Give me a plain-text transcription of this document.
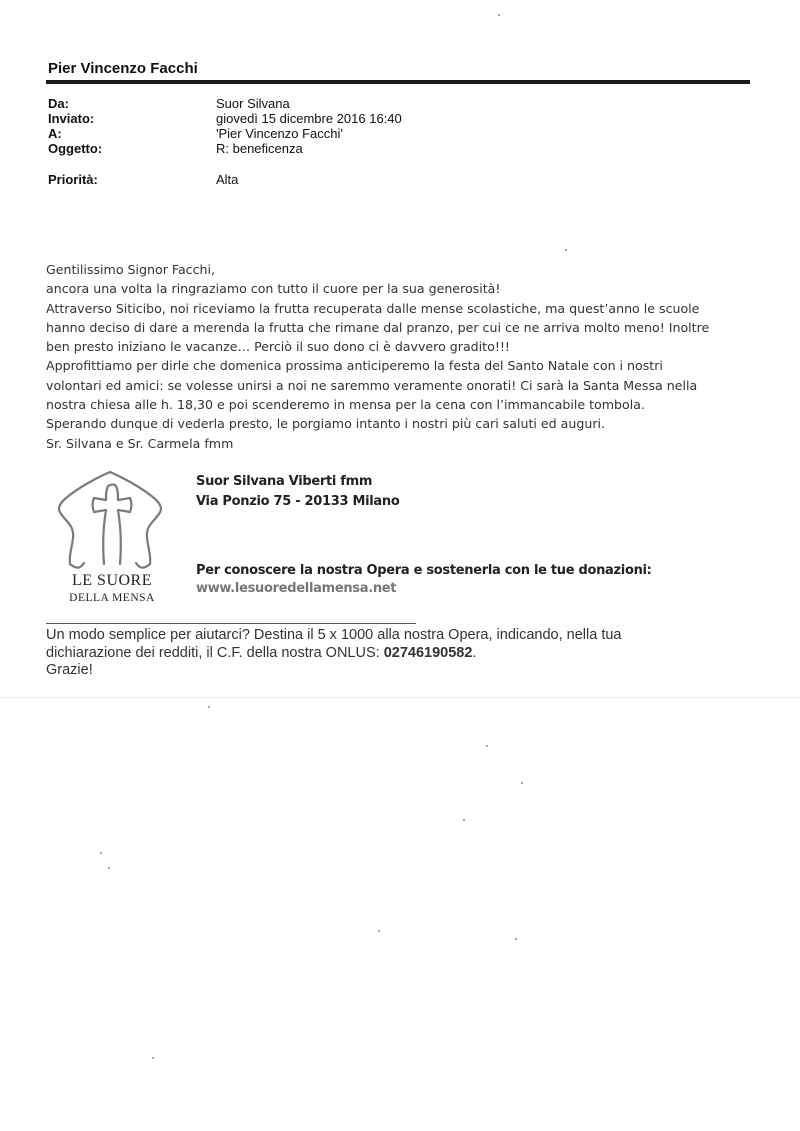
Pier Vincenzo Facchi
Da:	Suor Silvana
Inviato:	giovedì 15 dicembre 2016 16:40
A:	'Pier Vincenzo Facchi'
Oggetto:	R: beneficenza
Priorità:	Alta

Gentilissimo Signor Facchi,

ancora una volta la ringraziamo con tutto il cuore per la sua generosità!

Attraverso Siticibo, noi riceviamo la frutta recuperata dalle mense scolastiche, ma quest’anno le scuole

hanno deciso di dare a merenda la frutta che rimane dal pranzo, per cui ce ne arriva molto meno! Inoltre

ben presto iniziano le vacanze… Perciò il suo dono ci è davvero gradito!!!

Approfittiamo per dirle che domenica prossima anticiperemo la festa del Santo Natale con i nostri

volontari ed amici: se volesse unirsi a noi ne saremmo veramente onorati! Ci sarà la Santa Messa nella

nostra chiesa alle h. 18,30 e poi scenderemo in mensa per la cena con l’immancabile tombola.

Sperando dunque di vederla presto, le porgiamo intanto i nostri più cari saluti ed auguri.

Sr. Silvana e Sr. Carmela fmm

LE SUORE
DELLA MENSA
Suor Silvana Viberti fmm
Via Ponzio 75 - 20133 Milano
Per conoscere la nostra Opera e sostenerla con le tue donazioni:
www.lesuoredellamensa.net

Un modo semplice per aiutarci? Destina il 5 x 1000 alla nostra Opera, indicando, nella tua

dichiarazione dei redditi, il C.F. della nostra ONLUS: 02746190582.

Grazie!
